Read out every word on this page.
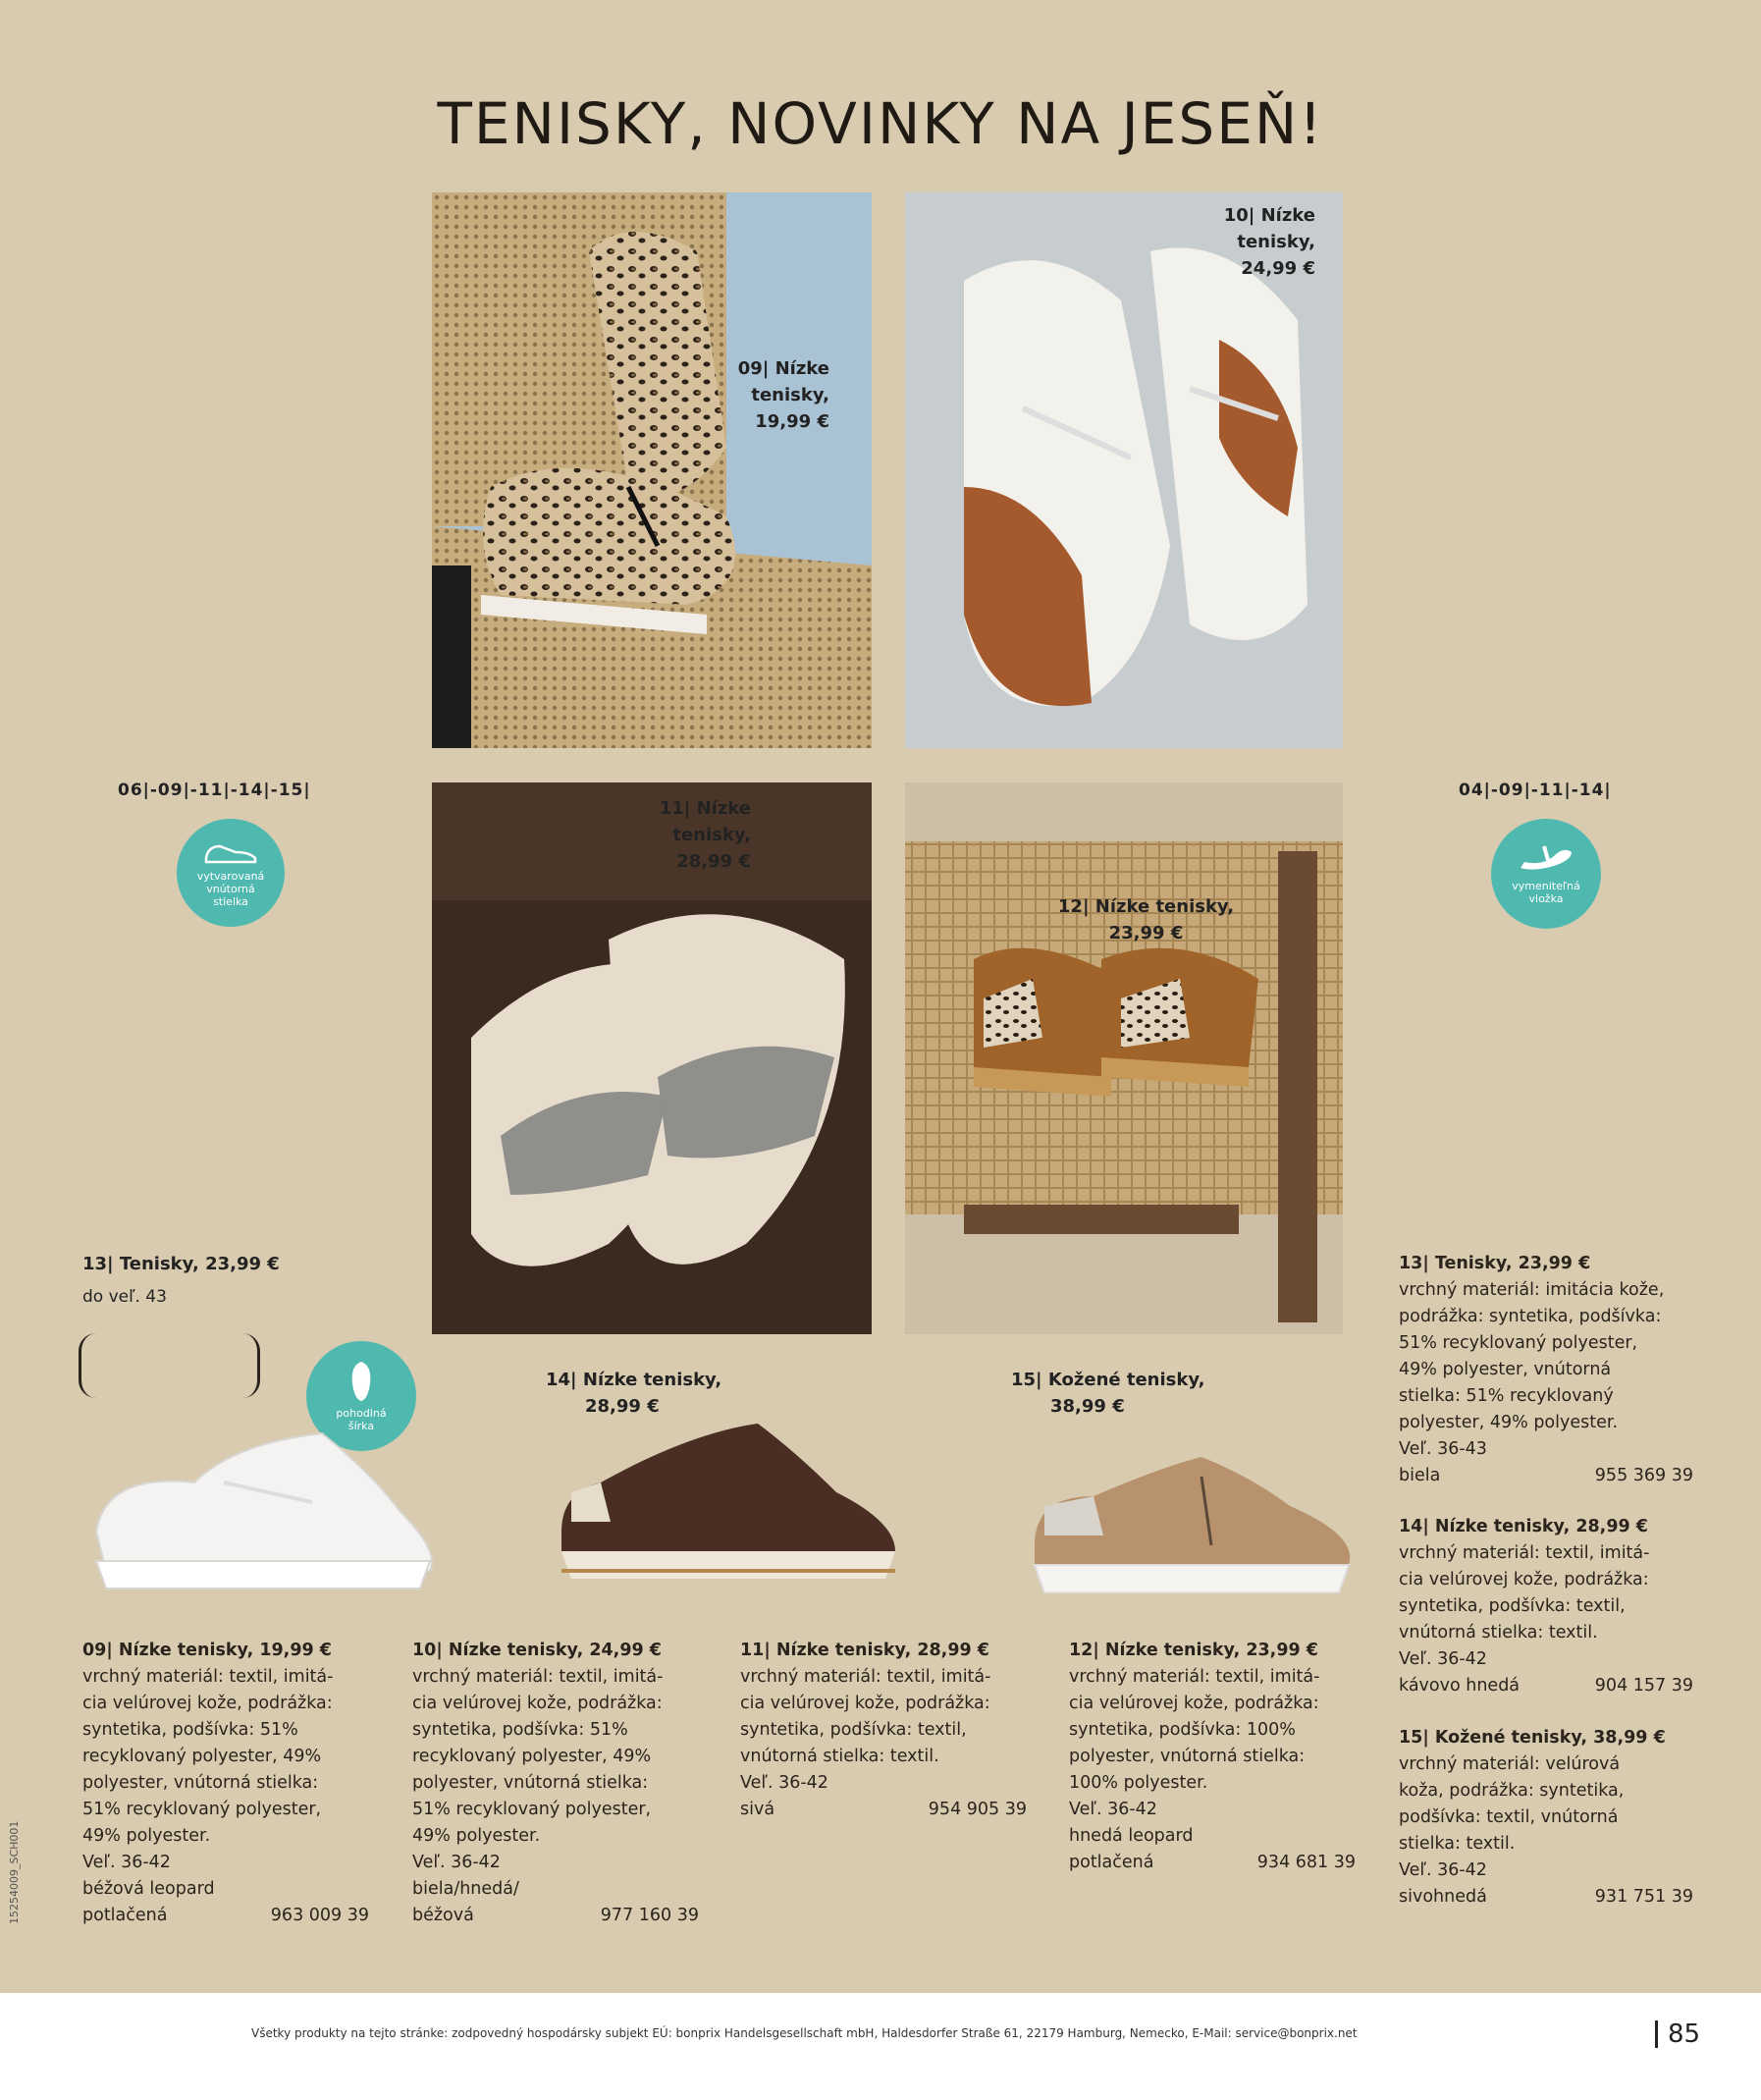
TENISKY, NOVINKY NA JESEŇ!
09| Nízke
tenisky,
19,99 €
10| Nízke
tenisky,
24,99 €
11| Nízke
tenisky,
28,99 €
12| Nízke tenisky,
23,99 €
06|-09|-11|-14|-15|	04|-09|-11|-14|
vytvarovaná vnútorná stielka
vymeniteľná vložka
13| Tenisky, 23,99 €
do veľ. 43
pohodlná
šírka
14| Nízke tenisky,
28,99 €
15| Kožené tenisky,
38,99 €
09| Nízke tenisky, 19,99 €
vrchný materiál: textil, imitá-
cia velúrovej kože, podrážka:
syntetika, podšívka: 51%
recyklovaný polyester, 49%
polyester, vnútorná stielka:
51% recyklovaný polyester,
49% polyester.
Veľ. 36-42
béžová leopard
potlačená	963 009 39
10| Nízke tenisky, 24,99 €
vrchný materiál: textil, imitá-
cia velúrovej kože, podrážka:
syntetika, podšívka: 51%
recyklovaný polyester, 49%
polyester, vnútorná stielka:
51% recyklovaný polyester,
49% polyester.
Veľ. 36-42
biela/hnedá/
béžová	977 160 39
11| Nízke tenisky, 28,99 €
vrchný materiál: textil, imitá-
cia velúrovej kože, podrážka:
syntetika, podšívka: textil,
vnútorná stielka: textil.
Veľ. 36-42
sivá	954 905 39
12| Nízke tenisky, 23,99 €
vrchný materiál: textil, imitá-
cia velúrovej kože, podrážka:
syntetika, podšívka: 100%
polyester, vnútorná stielka:
100% polyester.
Veľ. 36-42
hnedá leopard
potlačená	934 681 39
13| Tenisky, 23,99 €
vrchný materiál: imitácia kože,
podrážka: syntetika, podšívka:
51% recyklovaný polyester,
49% polyester, vnútorná
stielka: 51% recyklovaný
polyester, 49% polyester.
Veľ. 36-43
biela	955 369 39
14| Nízke tenisky, 28,99 €
vrchný materiál: textil, imitá-
cia velúrovej kože, podrážka:
syntetika, podšívka: textil,
vnútorná stielka: textil.
Veľ. 36-42
kávovo hnedá	904 157 39
15| Kožené tenisky, 38,99 €
vrchný materiál: velúrová
koža, podrážka: syntetika,
podšívka: textil, vnútorná
stielka: textil.
Veľ. 36-42
sivohnedá	931 751 39
15254009_SCH001
Všetky produkty na tejto stránke: zodpovedný hospodársky subjekt EÚ: bonprix Handelsgesellschaft mbH, Haldesdorfer Straße 61, 22179 Hamburg, Nemecko, E-Mail: service@bonprix.net	85
